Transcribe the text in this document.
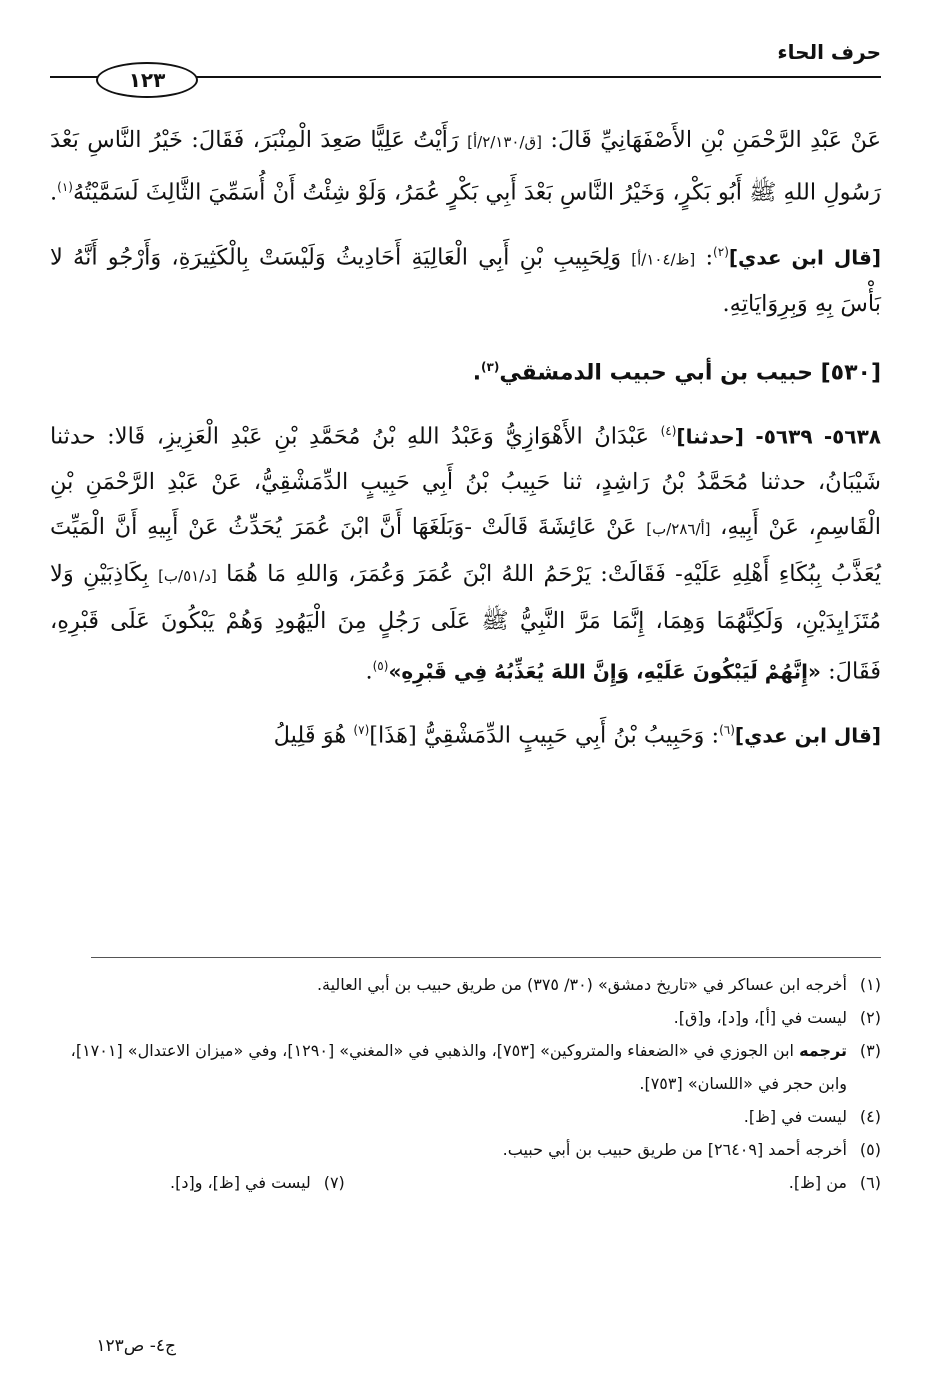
حرف الحاء
١٢٣

عَنْ عَبْدِ الرَّحْمَنِ بْنِ الأَصْفَهَانِيِّ قَالَ: [ق/٢/١٣٠/أ] رَأَيْتُ عَلِيًّا صَعِدَ الْمِنْبَرَ، فَقَالَ: خَيْرُ النَّاسِ بَعْدَ رَسُولِ اللهِ ﷺ أَبُو بَكْرٍ، وَخَيْرُ النَّاسِ بَعْدَ أَبِي بَكْرٍ عُمَرُ، وَلَوْ شِئْتُ أَنْ أُسَمِّيَ الثَّالِثَ لَسَمَّيْتُهُ$^{(١)}$.

[قال ابن عدي]$^{(٢)}$: [ظ/١٠٤/أ] وَلِحَبِيبِ بْنِ أَبِي الْعَالِيَةِ أَحَادِيثُ وَلَيْسَتْ بِالْكَثِيرَةِ، وَأَرْجُو أَنَّهُ لا بَأْسَ بِهِ وَبِرِوَايَاتِهِ.

[٥٣٠] حبيب بن أبي حبيب الدمشقي$^{(٣)}$.

٥٦٣٨- ٥٦٣٩- [حدثنا]$^{(٤)}$ عَبْدَانُ الأَهْوَازِيُّ وَعَبْدُ اللهِ بْنُ مُحَمَّدِ بْنِ عَبْدِ الْعَزِيزِ، قَالا: حدثنا شَيْبَانُ، حدثنا مُحَمَّدُ بْنُ رَاشِدٍ، ثنا حَبِيبُ بْنُ أَبِي حَبِيبٍ الدِّمَشْقِيُّ، عَنْ عَبْدِ الرَّحْمَنِ بْنِ الْقَاسِمِ، عَنْ أَبِيهِ، [أ/٢٨٦/ب] عَنْ عَائِشَةَ قَالَتْ -وَبَلَغَهَا أَنَّ ابْنَ عُمَرَ يُحَدِّثُ عَنْ أَبِيهِ أَنَّ الْمَيِّتَ يُعَذَّبُ بِبُكَاءِ أَهْلِهِ عَلَيْهِ- فَقَالَتْ: يَرْحَمُ اللهُ ابْنَ عُمَرَ وَعُمَرَ، وَاللهِ مَا هُمَا [د/٥١/ب] بِكَاذِبَيْنِ وَلا مُتَزَايِدَيْنِ، وَلَكِنَّهُمَا وَهِمَا، إِنَّمَا مَرَّ النَّبِيُّ ﷺ عَلَى رَجُلٍ مِنَ الْيَهُودِ وَهُمْ يَبْكُونَ عَلَى قَبْرِهِ، فَقَالَ: «إِنَّهُمْ لَيَبْكُونَ عَلَيْهِ، وَإِنَّ اللهَ يُعَذِّبُهُ فِي قَبْرِهِ»$^{(٥)}$.

[قال ابن عدي]$^{(٦)}$: وَحَبِيبُ بْنُ أَبِي حَبِيبٍ الدِّمَشْقِيُّ [هَذَا]$^{(٧)}$ هُوَ قَلِيلُ

(١)
أخرجه ابن عساكر في «تاريخ دمشق» (٣٠/ ٣٧٥) من طريق حبيب بن أبي العالية.

(٢)
ليست في [أ]، و[د]، و[ق].

(٣)
ترجمه ابن الجوزي في «الضعفاء والمتروكين» [٧٥٣]، والذهبي في «المغني» [١٢٩٠]، وفي «ميزان الاعتدال» [١٧٠١]، وابن حجر في «اللسان» [٧٥٣].

(٤)
ليست في [ظ].

(٥)
أخرجه أحمد [٢٦٤٠٩] من طريق حبيب بن أبي حبيب.

(٦)
من [ظ].

(٧)
ليست في [ظ]، و[د].

ج٤- ص١٢٣
